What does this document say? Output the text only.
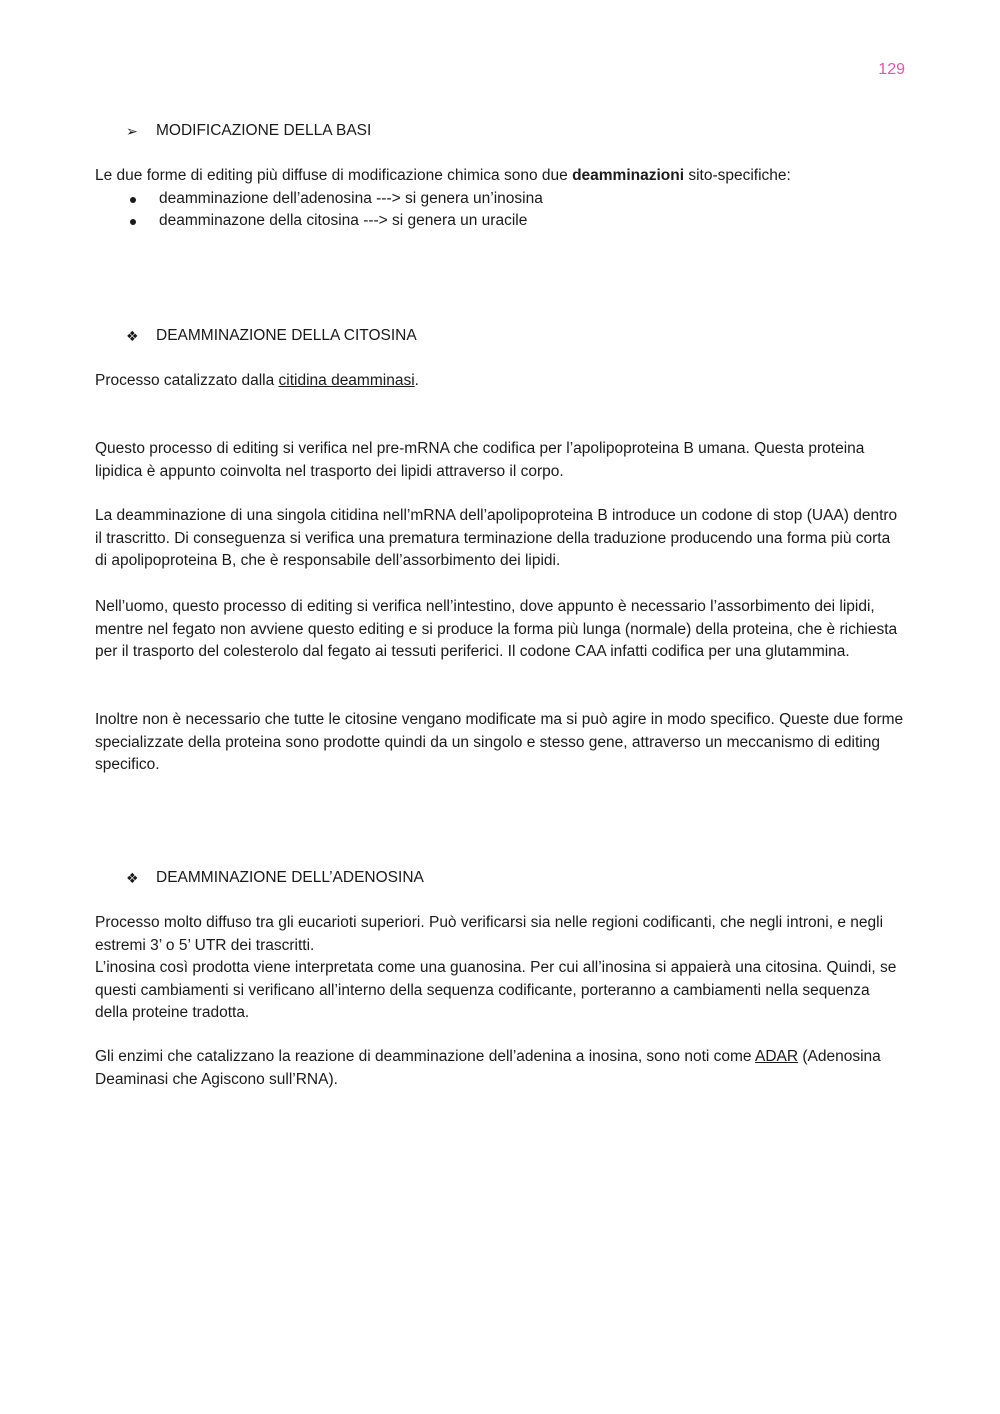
129
➢	MODIFICAZIONE DELLA BASI

Le due forme di editing più diffuse di modificazione chimica sono due deamminazioni sito-specifiche:

deamminazione dell’adenosina ---> si genera un’inosina
deamminazone della citosina ---> si genera un uracile
❖	DEAMMINAZIONE DELLA CITOSINA

Processo catalizzato dalla citidina deamminasi.

Questo processo di editing si verifica nel pre-mRNA che codifica per l’apolipoproteina B umana. Questa proteina lipidica è appunto coinvolta nel trasporto dei lipidi attraverso il corpo.

La deamminazione di una singola citidina nell’mRNA dell’apolipoproteina B introduce un codone di stop (UAA) dentro il trascritto. Di conseguenza si verifica una prematura terminazione della traduzione producendo una forma più corta di apolipoproteina B, che è responsabile dell’assorbimento dei lipidi.

Nell’uomo, questo processo di editing si verifica nell’intestino, dove appunto è necessario l’assorbimento dei lipidi, mentre nel fegato non avviene questo editing e si produce la forma più lunga (normale) della proteina, che è richiesta per il trasporto del colesterolo dal fegato ai tessuti periferici. Il codone CAA infatti codifica per una glutammina.

Inoltre non è necessario che tutte le citosine vengano modificate ma si può agire in modo specifico. Queste due forme specializzate della proteina sono prodotte quindi da un singolo e stesso gene, attraverso un meccanismo di editing specifico.

❖	DEAMMINAZIONE DELL’ADENOSINA

Processo molto diffuso tra gli eucarioti superiori. Può verificarsi sia nelle regioni codificanti, che negli introni, e negli estremi 3’ o 5’ UTR dei trascritti.

L’inosina così prodotta viene interpretata come una guanosina. Per cui all’inosina si appaierà una citosina. Quindi, se questi cambiamenti si verificano all’interno della sequenza codificante, porteranno a cambiamenti nella sequenza della proteine tradotta.

Gli enzimi che catalizzano la reazione di deamminazione dell’adenina a inosina, sono noti come ADAR (Adenosina Deaminasi che Agiscono sull’RNA).
